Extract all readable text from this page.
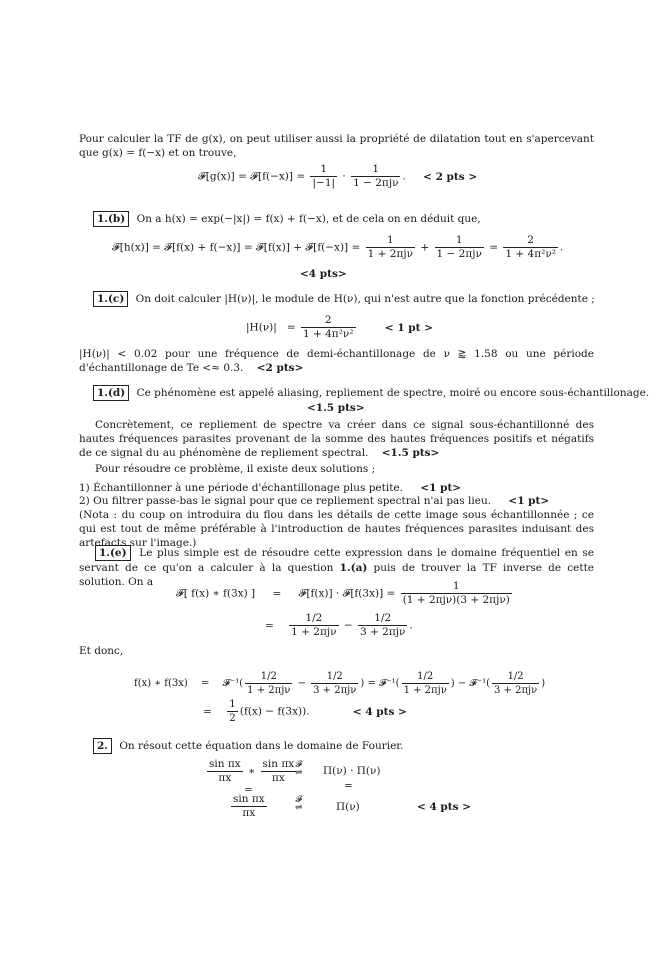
Pour calculer la TF de g(x), on peut utiliser aussi la propriété de dilatation tout en s'apercevant que g(x) = f(−x) et on trouve,
𝓕[g(x)] = 𝓕[f(−x)] = $\frac{1}{|-1|} \cdot \frac{1}{\text{1 − 2πjν}}$ . < 2 pts >
1.(b) On a h(x) = exp(−|x|) = f(x) + f(−x), et de cela on en déduit que,
𝓕[h(x)] = 𝓕[f(x) + f(−x)] = 𝓕[f(x)] + 𝓕[f(−x)] = $\frac{1}{\text{1 + 2πjν}} + \frac{1}{\text{1 − 2πjν}} = \frac{2}{\text{1 + 4π²ν²}}$ .
<4 pts>
1.(c) On doit calculer |H(ν)|, le module de H(ν), qui n'est autre que la fonction précédente ;
$|H(\nu)| = \frac{2}{\text{1 + 4π²ν²}}$	< 1 pt >
|H(ν)| < 0.02 pour une fréquence de demi-échantillonage de ν ⪆ 1.58 ou une période d'échantillonage de Te <≈ 0.3. <2 pts>
1.(d) Ce phénomène est appelé aliasing, repliement de spectre, moiré ou encore sous-échantillonage.
<1.5 pts>
Concrètement, ce repliement de spectre va créer dans ce signal sous-échantillonné des hautes fréquences parasites provenant de la somme des hautes fréquences positifs et négatifs de ce signal du au phénomène de repliement spectral. <1.5 pts>
Pour résoudre ce problème, il existe deux solutions ;
1) Échantillonner à une période d'échantillonage plus petite. <1 pt>
2) Ou filtrer passe-bas le signal pour que ce repliement spectral n'ai pas lieu. <1 pt>
(Nota : du coup on introduira du flou dans les détails de cette image sous échantillonnée ; ce qui est tout de même préférable à l'introduction de hautes fréquences parasites induisant des artefacts sur l'image.)
1.(e) Le plus simple est de résoudre cette expression dans le domaine fréquentiel en se servant de ce qu'on a calculer à la question 1.(a) puis de trouver la TF inverse de cette solution. On a
𝓕[ f(x) ∗ f(3x) ] = 𝓕[f(x)] · 𝓕[f(3x)] = $\frac{1}{\text{(1 + 2πjν)(3 + 2πjν)}}$
= $\frac{1/2}{\text{1 + 2πjν}} - \frac{1/2}{\text{3 + 2πjν}}$ .
Et donc,
f(x) ∗ f(3x) = 𝓕⁻¹( $\frac{1/2}{\text{1 + 2πjν}} - \frac{1/2}{\text{3 + 2πjν}}$ ) = 𝓕⁻¹( $\frac{1/2}{\text{1 + 2πjν}}$ ) − 𝓕⁻¹( $\frac{1/2}{\text{3 + 2πjν}}$ )
= $\frac{1}{2} (f(x) - f(3x))$.	< 4 pts >
2. On résout cette équation dans le domaine de Fourier.
$\frac{\text{sin πx}}{\pi x}$ ∗ $\frac{\text{sin πx}}{\pi x}$ 𝓕
⇌ Π(ν) · Π(ν)
=	=
$\frac{\text{sin πx}}{\pi x}$	𝓕
⇌	Π(ν)	< 4 pts >
